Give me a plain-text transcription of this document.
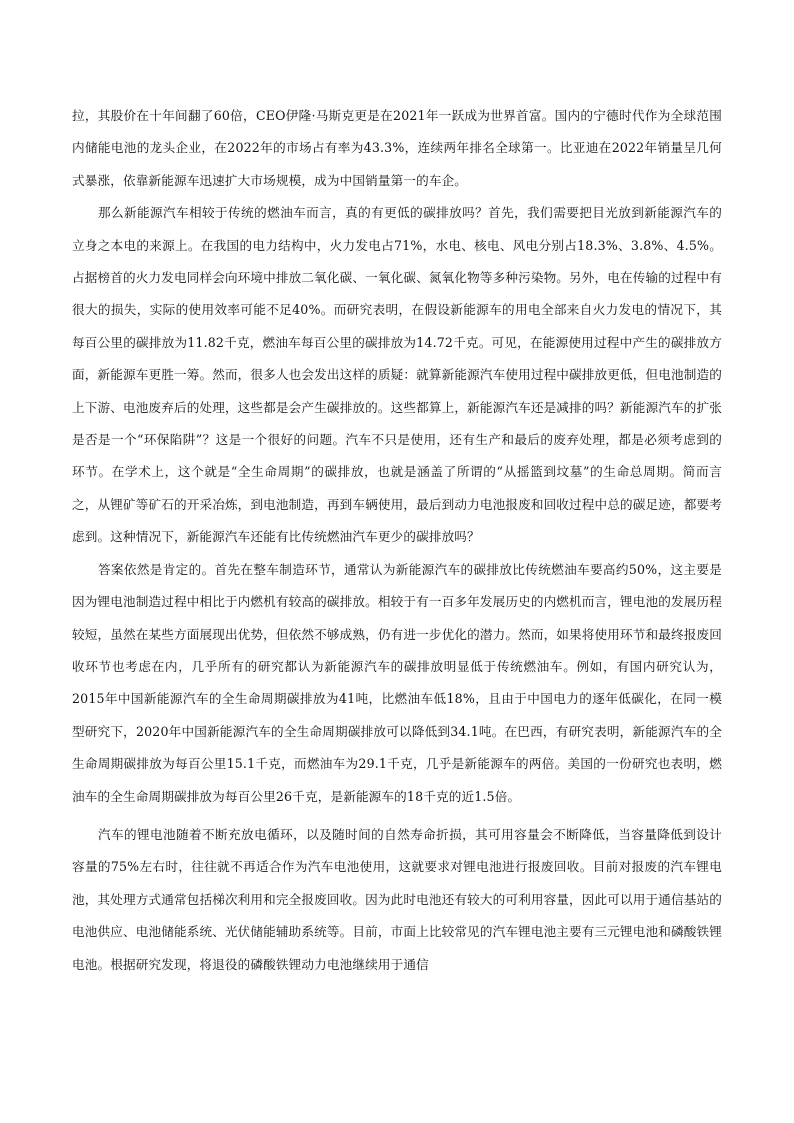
拉，其股价在十年间翻了60倍，CEO伊隆·马斯克更是在2021年一跃成为世界首富。国内的宁德时代作为全球范围内储能电池的龙头企业，在2022年的市场占有率为43.3%，连续两年排名全球第一。比亚迪在2022年销量呈几何式暴涨，依靠新能源车迅速扩大市场规模，成为中国销量第一的车企。

那么新能源汽车相较于传统的燃油车而言，真的有更低的碳排放吗？首先，我们需要把目光放到新能源汽车的立身之本电的来源上。在我国的电力结构中，火力发电占71%，水电、核电、风电分别占18.3%、3.8%、4.5%。占据榜首的火力发电同样会向环境中排放二氧化碳、一氧化碳、氮氧化物等多种污染物。另外，电在传输的过程中有很大的损失，实际的使用效率可能不足40%。而研究表明，在假设新能源车的用电全部来自火力发电的情况下，其每百公里的碳排放为11.82千克，燃油车每百公里的碳排放为14.72千克。可见，在能源使用过程中产生的碳排放方面，新能源车更胜一筹。然而，很多人也会发出这样的质疑：就算新能源汽车使用过程中碳排放更低，但电池制造的上下游、电池废弃后的处理，这些都是会产生碳排放的。这些都算上，新能源汽车还是减排的吗？新能源汽车的扩张是否是一个“环保陷阱”？这是一个很好的问题。汽车不只是使用，还有生产和最后的废弃处理，都是必须考虑到的环节。在学术上，这个就是“全生命周期”的碳排放，也就是涵盖了所谓的“从摇篮到坟墓”的生命总周期。简而言之，从锂矿等矿石的开采冶炼，到电池制造，再到车辆使用，最后到动力电池报废和回收过程中总的碳足迹，都要考虑到。这种情况下，新能源汽车还能有比传统燃油汽车更少的碳排放吗？

答案依然是肯定的。首先在整车制造环节，通常认为新能源汽车的碳排放比传统燃油车要高约50%，这主要是因为锂电池制造过程中相比于内燃机有较高的碳排放。相较于有一百多年发展历史的内燃机而言，锂电池的发展历程较短，虽然在某些方面展现出优势，但依然不够成熟，仍有进一步优化的潜力。然而，如果将使用环节和最终报废回收环节也考虑在内，几乎所有的研究都认为新能源汽车的碳排放明显低于传统燃油车。例如，有国内研究认为，2015年中国新能源汽车的全生命周期碳排放为41吨，比燃油车低18%，且由于中国电力的逐年低碳化，在同一模型研究下，2020年中国新能源汽车的全生命周期碳排放可以降低到34.1吨。在巴西，有研究表明，新能源汽车的全生命周期碳排放为每百公里15.1千克，而燃油车为29.1千克，几乎是新能源车的两倍。美国的一份研究也表明，燃油车的全生命周期碳排放为每百公里26千克，是新能源车的18千克的近1.5倍。

汽车的锂电池随着不断充放电循环，以及随时间的自然寿命折损，其可用容量会不断降低，当容量降低到设计容量的75%左右时，往往就不再适合作为汽车电池使用，这就要求对锂电池进行报废回收。目前对报废的汽车锂电池，其处理方式通常包括梯次利用和完全报废回收。因为此时电池还有较大的可利用容量，因此可以用于通信基站的电池供应、电池储能系统、光伏储能辅助系统等。目前，市面上比较常见的汽车锂电池主要有三元锂电池和磷酸铁锂电池。根据研究发现，将退役的磷酸铁锂动力电池继续用于通信
